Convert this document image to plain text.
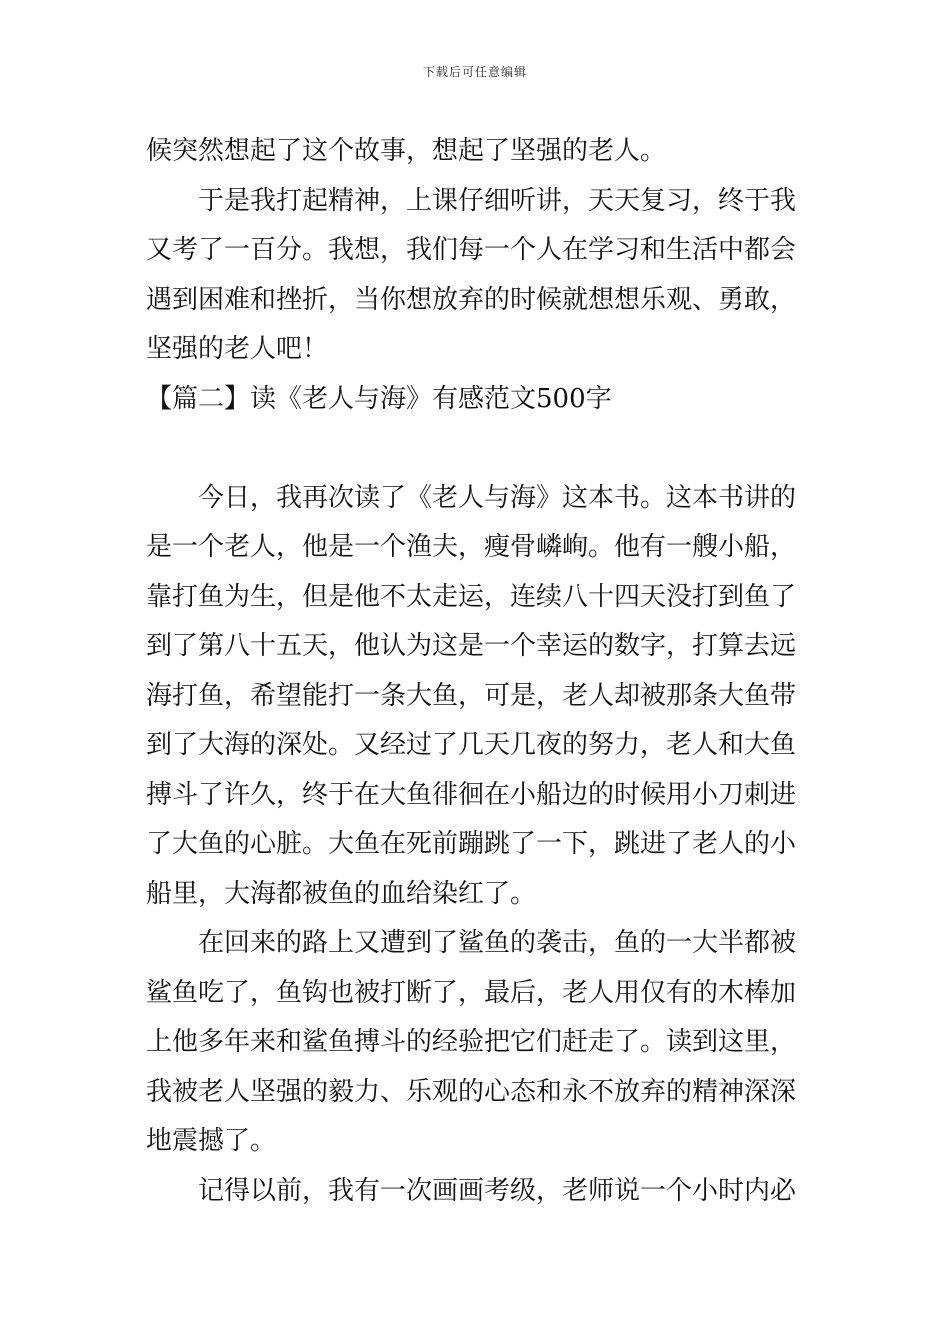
下载后可任意编辑
候突然想起了这个故事，想起了坚强的老人。
于是我打起精神，上课仔细听讲，天天复习，终于我
又考了一百分。我想，我们每一个人在学习和生活中都会
遇到困难和挫折，当你想放弃的时候就想想乐观、勇敢，
坚强的老人吧！
【篇二】读《老人与海》有感范文500字
今日，我再次读了《老人与海》这本书。这本书讲的
是一个老人，他是一个渔夫，瘦骨嶙峋。他有一艘小船，
靠打鱼为生，但是他不太走运，连续八十四天没打到鱼了
到了第八十五天，他认为这是一个幸运的数字，打算去远
海打鱼，希望能打一条大鱼，可是，老人却被那条大鱼带
到了大海的深处。又经过了几天几夜的努力，老人和大鱼
搏斗了许久，终于在大鱼徘徊在小船边的时候用小刀刺进
了大鱼的心脏。大鱼在死前蹦跳了一下，跳进了老人的小
船里，大海都被鱼的血给染红了。
在回来的路上又遭到了鲨鱼的袭击，鱼的一大半都被
鲨鱼吃了，鱼钩也被打断了，最后，老人用仅有的木棒加
上他多年来和鲨鱼搏斗的经验把它们赶走了。读到这里，
我被老人坚强的毅力、乐观的心态和永不放弃的精神深深
地震撼了。
记得以前，我有一次画画考级，老师说一个小时内必
